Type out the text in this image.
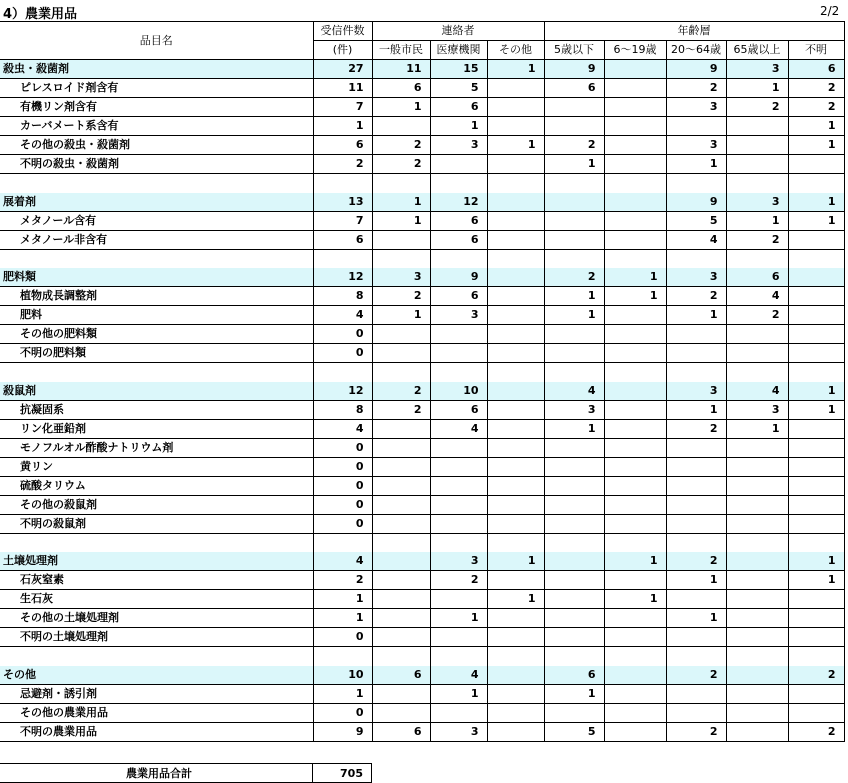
4）農業用品	2/2
品目名	受信件数	連絡者			年齢層				
	(件)	一般市民	医療機関	その他	5歳以下	6～19歳	20～64歳	65歳以上	不明
殺虫・殺菌剤	27	11	15	1	9		9	3	6
ピレスロイド剤含有	11	6	5		6		2	1	2
有機リン剤含有	7	1	6				3	2	2
カーバメート系含有	1		1						1
その他の殺虫・殺菌剤	6	2	3	1	2		3		1
不明の殺虫・殺菌剤	2	2			1		1		

展着剤	13	1	12				9	3	1
メタノール含有	7	1	6				5	1	1
メタノール非含有	6		6				4	2	

肥料類	12	3	9		2	1	3	6	
植物成長調整剤	8	2	6		1	1	2	4	
肥料	4	1	3		1		1	2	
その他の肥料類	0								
不明の肥料類	0								

殺鼠剤	12	2	10		4		3	4	1
抗凝固系	8	2	6		3		1	3	1
リン化亜鉛剤	4		4		1		2	1	
モノフルオル酢酸ナトリウム剤	0								
黄リン	0								
硫酸タリウム	0								
その他の殺鼠剤	0								
不明の殺鼠剤	0								

土壌処理剤	4		3	1		1	2		1
石灰窒素	2		2				1		1
生石灰	1			1		1			
その他の土壌処理剤	1		1				1		
不明の土壌処理剤	0								

その他	10	6	4		6		2		2
忌避剤・誘引剤	1		1		1				
その他の農業用品	0								
不明の農業用品	9	6	3		5		2		2
農業用品合計	705
